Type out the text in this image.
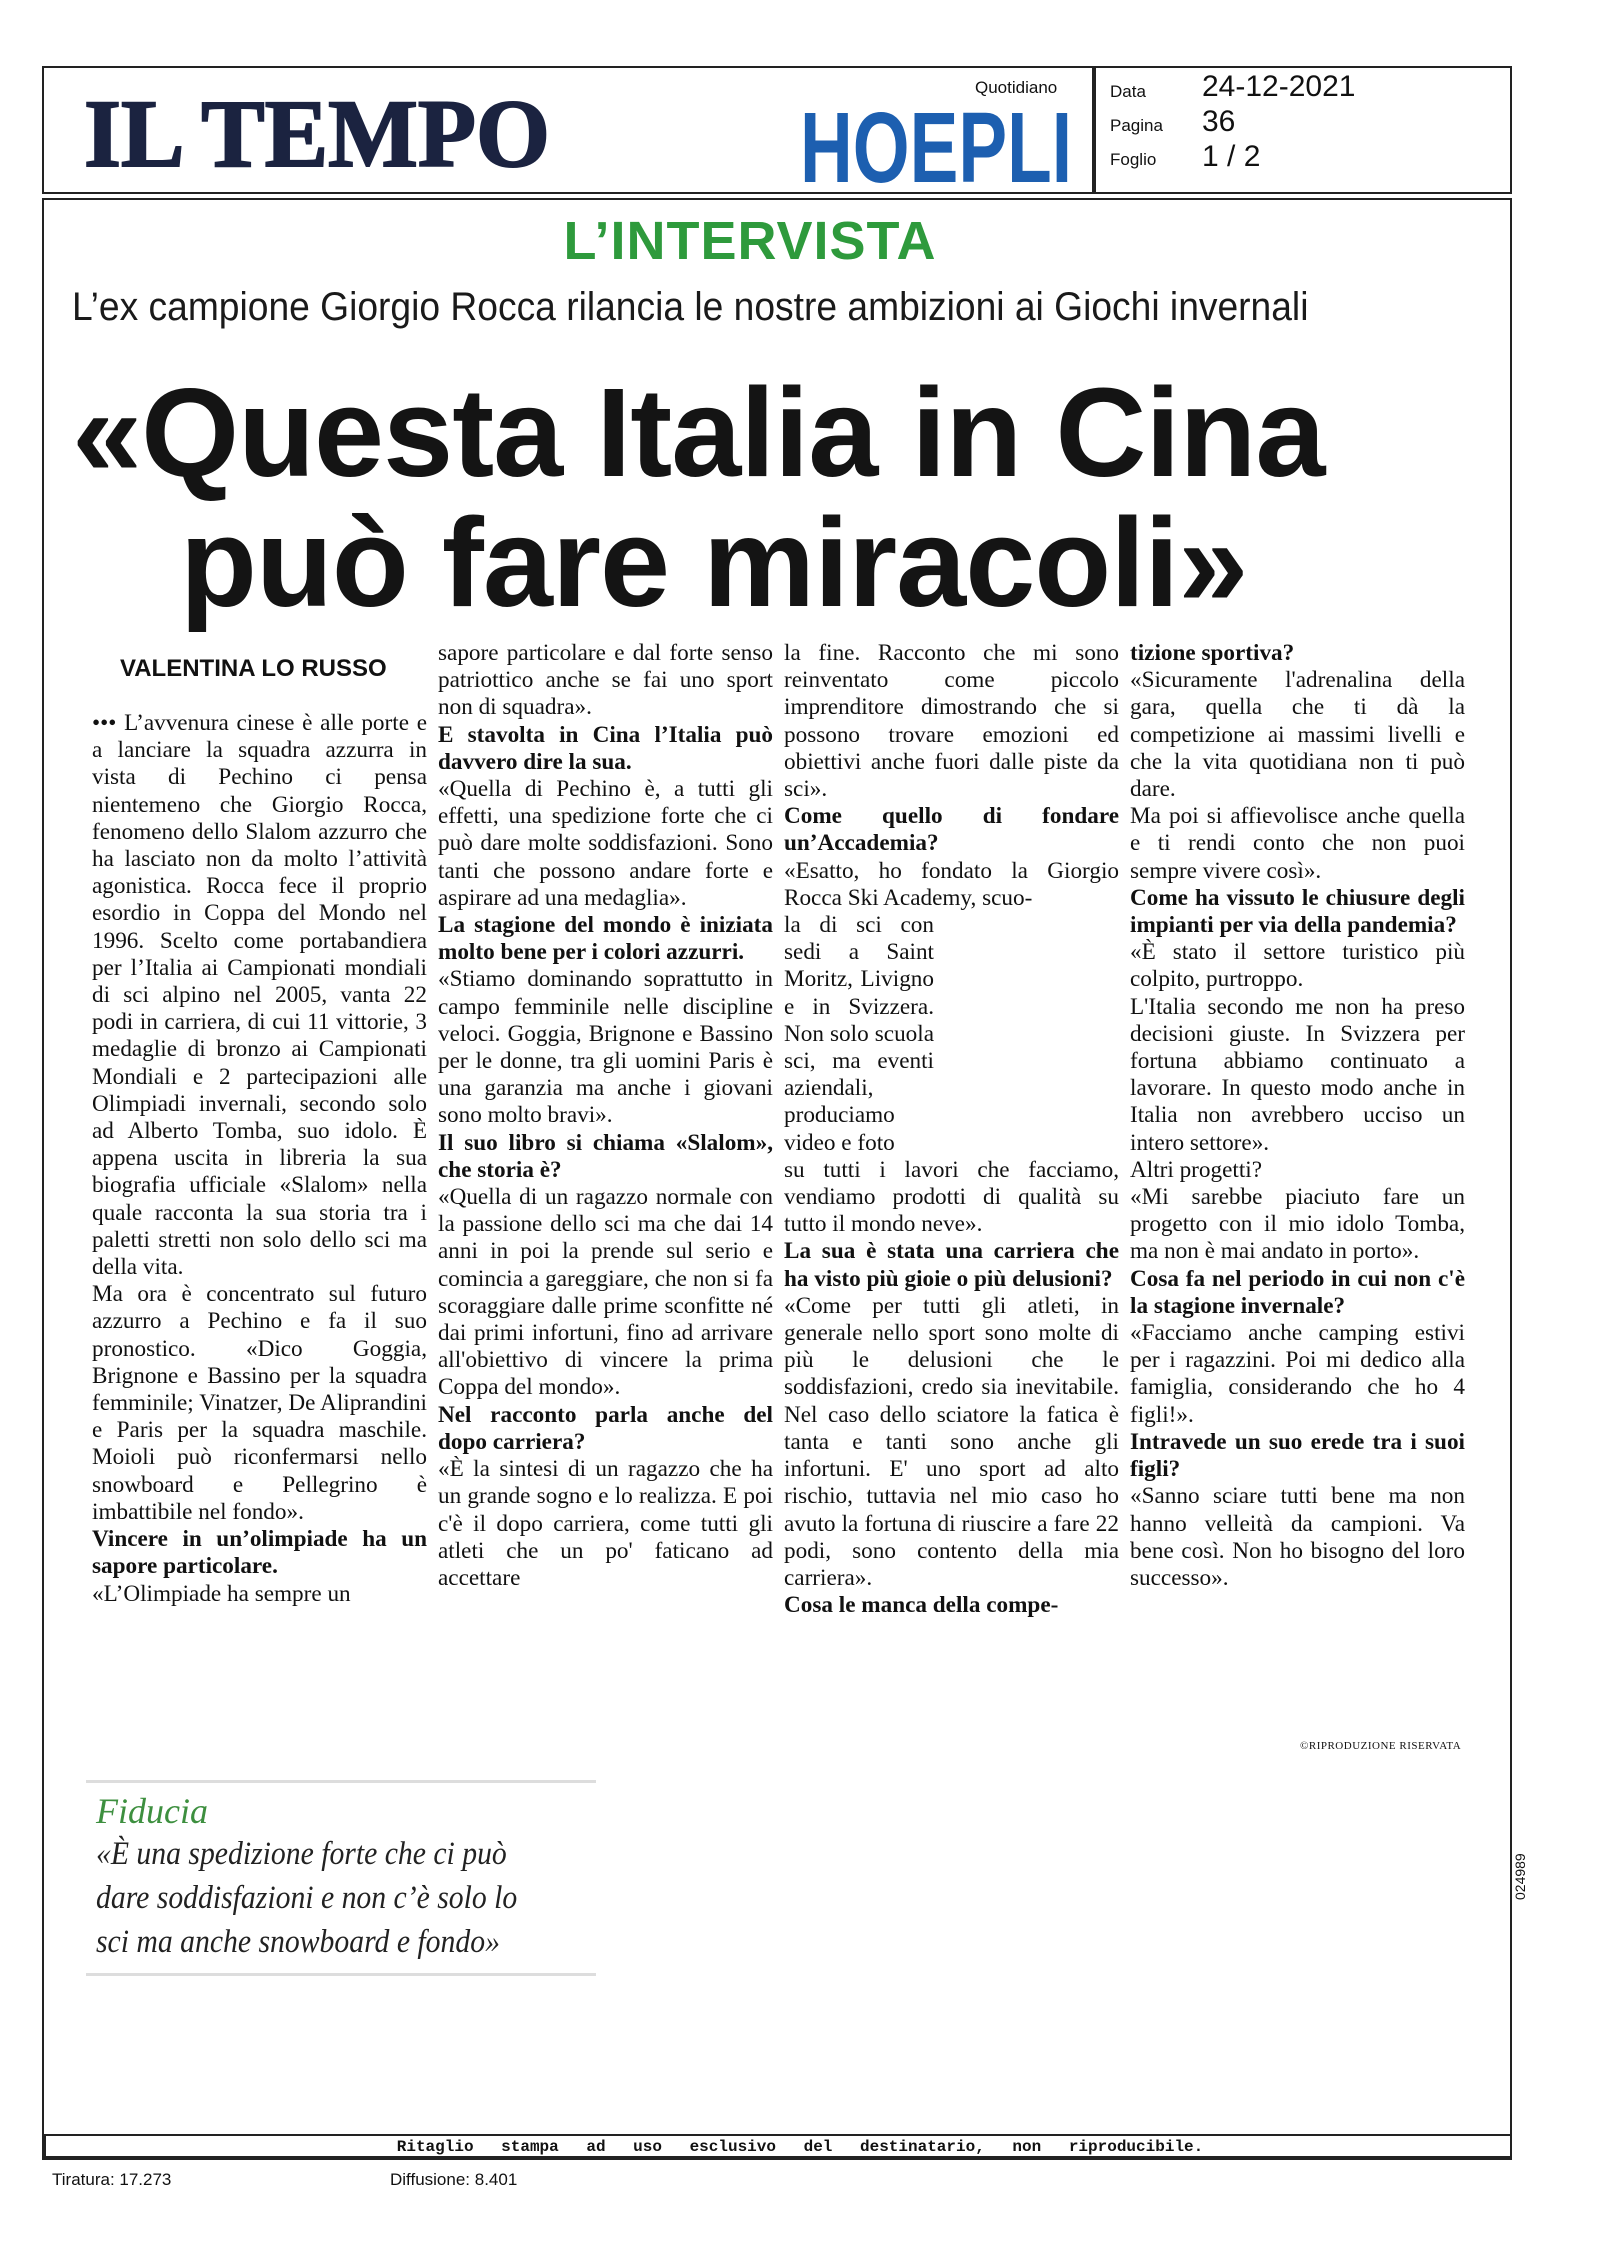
IL TEMPO	Quotidiano
HOEPLI
Data 24-12-2021
Pagina 36
Foglio 1 / 2
L’INTERVISTA
L’ex campione Giorgio Rocca rilancia le nostre ambizioni ai Giochi invernali
«Questa Italia in Cina
può fare miracoli»
VALENTINA LO RUSSO

••• L’avvenura cinese è alle porte e a lanciare la squadra azzurra in vista di Pechino ci pensa nientemeno che Giorgio Rocca, fenomeno dello Slalom azzurro che ha lasciato non da molto l’attività agonistica. Rocca fece il proprio esordio in Coppa del Mondo nel 1996. Scelto come portabandiera per l’Italia ai Campionati mondiali di sci alpino nel 2005, vanta 22 podi in carriera, di cui 11 vittorie, 3 medaglie di bronzo ai Campionati Mondiali e 2 partecipazioni alle Olimpiadi invernali, secondo solo ad Alberto Tomba, suo idolo. È appena uscita in libreria la sua biografia ufficiale «Slalom» nella quale racconta la sua storia tra i paletti stretti non solo dello sci ma della vita.

Ma ora è concentrato sul futuro azzurro a Pechino e fa il suo pronostico. «Dico Goggia, Brignone e Bassino per la squadra femminile; Vinatzer, De Aliprandini e Paris per la squadra maschile. Moioli può riconfermarsi nello snowboard e Pellegrino è imbattibile nel fondo».

Vincere in un’olimpiade ha un sapore particolare.

«L’Olimpiade ha sempre un

sapore particolare e dal forte senso patriottico anche se fai uno sport non di squadra».

E stavolta in Cina l’Italia può davvero dire la sua.

«Quella di Pechino è, a tutti gli effetti, una spedizione forte che ci può dare molte soddisfazioni. Sono tanti che possono andare forte e aspirare ad una medaglia».

La stagione del mondo è iniziata molto bene per i colori azzurri.

«Stiamo dominando soprattutto in campo femminile nelle discipline veloci. Goggia, Brignone e Bassino per le donne, tra gli uomini Paris è una garanzia ma anche i giovani sono molto bravi».

Il suo libro si chiama «Slalom», che storia è?

«Quella di un ragazzo normale con la passione dello sci ma che dai 14 anni in poi la prende sul serio e comincia a gareggiare, che non si fa scoraggiare dalle prime sconfitte né dai primi infortuni, fino ad arrivare all'obiettivo di vincere la prima Coppa del mondo».

Nel racconto parla anche del dopo carriera?

«È la sintesi di un ragazzo che ha un grande sogno e lo realizza. E poi c'è il dopo carriera, come tutti gli atleti che un po' faticano ad accettare

la fine. Racconto che mi sono reinventato come piccolo imprenditore dimostrando che si possono trovare emozioni ed obiettivi anche fuori dalle piste da sci».

Come quello di fondare un’Accademia?

«Esatto, ho fondato la Giorgio Rocca Ski Academy, scuo-

la di sci con sedi a Saint Moritz, Livigno e in Svizzera. Non solo scuola sci, ma eventi aziendali, produciamo video e foto

su tutti i lavori che facciamo, vendiamo prodotti di qualità su tutto il mondo neve».

La sua è stata una carriera che ha visto più gioie o più delusioni?

«Come per tutti gli atleti, in generale nello sport sono molte di più le delusioni che le soddisfazioni, credo sia inevitabile. Nel caso dello sciatore la fatica è tanta e tanti sono anche gli infortuni. E' uno sport ad alto rischio, tuttavia nel mio caso ho avuto la fortuna di riuscire a fare 22 podi, sono contento della mia carriera».

Cosa le manca della compe-

tizione sportiva?

«Sicuramente l'adrenalina della gara, quella che ti dà la competizione ai massimi livelli e che la vita quotidiana non ti può dare.

Ma poi si affievolisce anche quella e ti rendi conto che non puoi sempre vivere così».

Come ha vissuto le chiusure degli impianti per via della pandemia?

«È stato il settore turistico più colpito, purtroppo.

L'Italia secondo me non ha preso decisioni giuste. In Svizzera per fortuna abbiamo continuato a lavorare. In questo modo anche in Italia non avrebbero ucciso un intero settore».

Altri progetti?

«Mi sarebbe piaciuto fare un progetto con il mio idolo Tomba, ma non è mai andato in porto».

Cosa fa nel periodo in cui non c'è la stagione invernale?

«Facciamo anche camping estivi per i ragazzini. Poi mi dedico alla famiglia, considerando che ho 4 figli!».

Intravede un suo erede tra i suoi figli?

«Sanno sciare tutti bene ma non hanno velleità da campioni. Va bene così. Non ho bisogno del loro successo».

©RIPRODUZIONE RISERVATA
Fiducia
«È una spedizione forte che ci può dare soddisfazioni e non c’è solo lo sci ma anche snowboard e fondo»
024989
Ritaglio stampa ad uso esclusivo del destinatario, non riproducibile.
Tiratura: 17.273	Diffusione: 8.401
